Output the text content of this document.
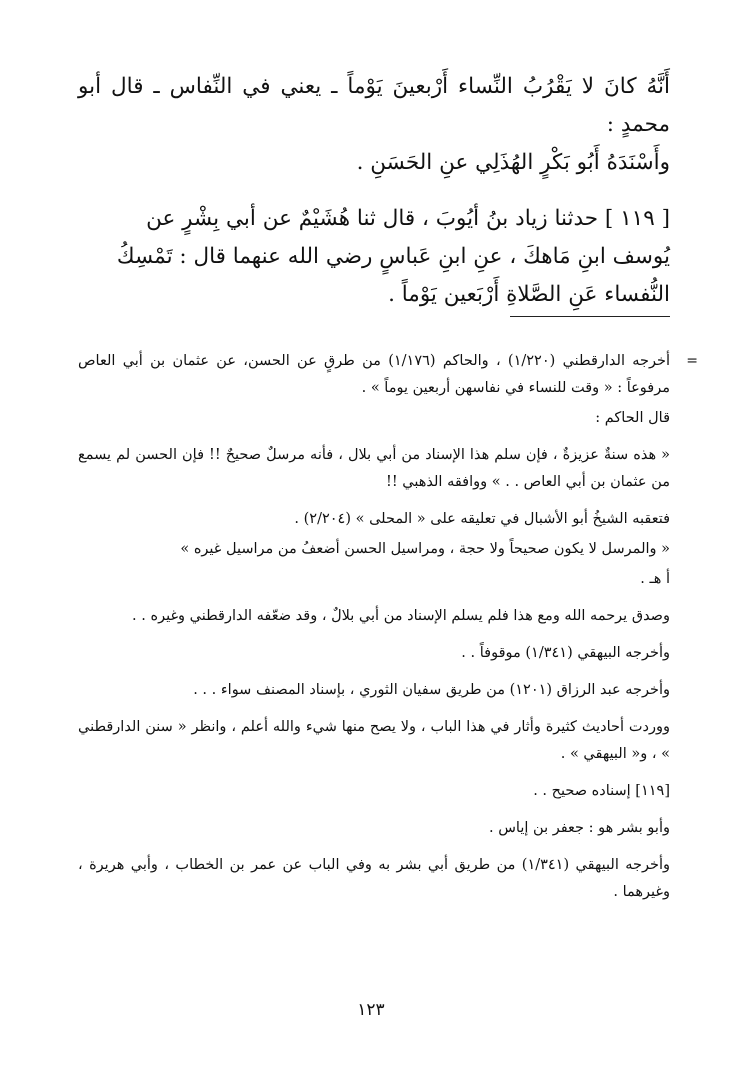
أَنَّهُ كانَ لا يَقْرُبُ النِّساء أَرْبعينَ يَوْماً ـ يعني في النِّفاس ـ قال أبو محمدٍ :

وأَسْنَدَهُ أَبُو بَكْرٍ الهُذَلِي عنِ الحَسَنِ .

[ ١١٩ ] حدثنا زياد بنُ أيُوبَ ، قال ثنا هُشَيْمٌ عن أبي بِشْرٍ عن

يُوسف ابنِ مَاهكَ ، عنِ ابنِ عَباسٍ رضي الله عنهما قال : تَمْسِكُ

النُّفساء عَنِ الصَّلاةِ أَرْبَعين يَوْماً .

=
أخرجه الدارقطني (١/٢٢٠) ، والحاكم (١/١٧٦) من طرقٍ عن الحسن، عن عثمان بن أبي العاص مرفوعاً : « وقت للنساء في نفاسهن أربعين يوماً » .

قال الحاكم :

« هذه سنةٌ عزيزةٌ ، فإن سلم هذا الإسناد من أبي بلال ، فأنه مرسلٌ صحيحٌ !! فإن الحسن لم يسمع من عثمان بن أبي العاص . . » ووافقه الذهبي !!

فتعقبه الشيخُ أبو الأشبال في تعليقه على « المحلى » (٢/٢٠٤) .

« والمرسل لا يكون صحيحاً ولا حجة ، ومراسيل الحسن أضعفُ من مراسيل غيره »

أ هـ .

وصدق يرحمه الله ومع هذا فلم يسلم الإسناد من أبي بلالٌ ، وقد ضعّفه الدارقطني وغيره . .

وأخرجه البيهقي (١/٣٤١) موقوفاً . .

وأخرجه عبد الرزاق (١٢٠١) من طريق سفيان الثوري ، بإسناد المصنف سواء . . .

ووردت أحاديث كثيرة وأثار في هذا الباب ، ولا يصح منها شيء والله أعلم ، وانظر « سنن الدارقطني » ، و« البيهقي » .

[١١٩] إسناده صحيح . .

وأبو بشر هو : جعفر بن إياس .

وأخرجه البيهقي (١/٣٤١) من طريق أبي بشر به وفي الباب عن عمر بن الخطاب ، وأبي هريرة ، وغيرهما .

١٢٣
